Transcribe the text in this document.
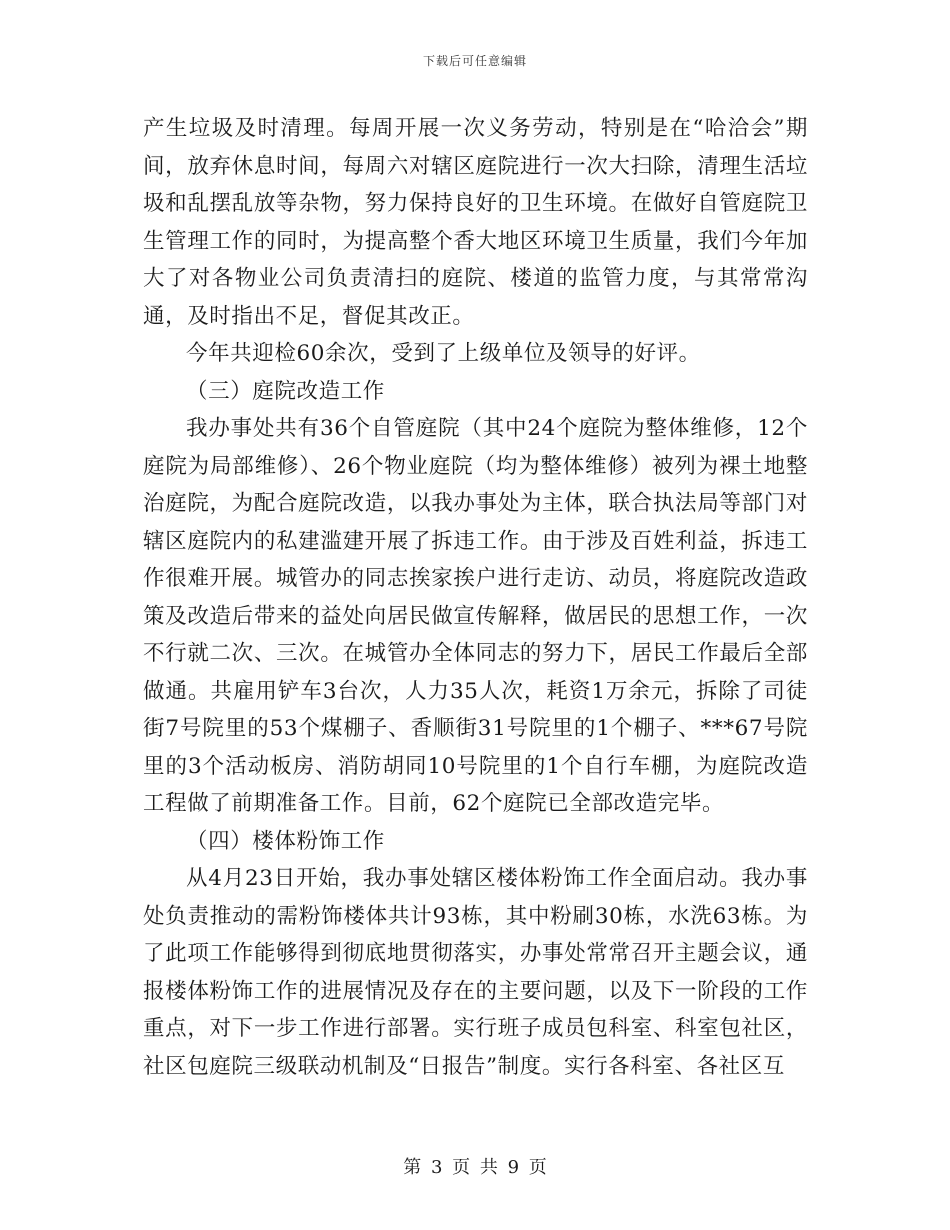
下载后可任意编辑

产生垃圾及时清理。每周开展一次义务劳动，特别是在“哈洽会”期间，放弃休息时间，每周六对辖区庭院进行一次大扫除，清理生活垃圾和乱摆乱放等杂物，努力保持良好的卫生环境。在做好自管庭院卫生管理工作的同时，为提高整个香大地区环境卫生质量，我们今年加大了对各物业公司负责清扫的庭院、楼道的监管力度，与其常常沟通，及时指出不足，督促其改正。

今年共迎检60余次，受到了上级单位及领导的好评。

（三）庭院改造工作

我办事处共有36个自管庭院（其中24个庭院为整体维修，12个庭院为局部维修）、26个物业庭院（均为整体维修）被列为裸土地整治庭院，为配合庭院改造，以我办事处为主体，联合执法局等部门对辖区庭院内的私建滥建开展了拆违工作。由于涉及百姓利益，拆违工作很难开展。城管办的同志挨家挨户进行走访、动员，将庭院改造政策及改造后带来的益处向居民做宣传解释，做居民的思想工作，一次不行就二次、三次。在城管办全体同志的努力下，居民工作最后全部做通。共雇用铲车3台次，人力35人次，耗资1万余元，拆除了司徒街7号院里的53个煤棚子、香顺街31号院里的1个棚子、***67号院里的3个活动板房、消防胡同10号院里的1个自行车棚，为庭院改造工程做了前期准备工作。目前，62个庭院已全部改造完毕。

（四）楼体粉饰工作

从4月23日开始，我办事处辖区楼体粉饰工作全面启动。我办事处负责推动的需粉饰楼体共计93栋，其中粉刷30栋，水洗63栋。为了此项工作能够得到彻底地贯彻落实，办事处常常召开主题会议，通报楼体粉饰工作的进展情况及存在的主要问题，以及下一阶段的工作重点，对下一步工作进行部署。实行班子成员包科室、科室包社区，社区包庭院三级联动机制及“日报告”制度。实行各科室、各社区互

第 3 页 共 9 页
